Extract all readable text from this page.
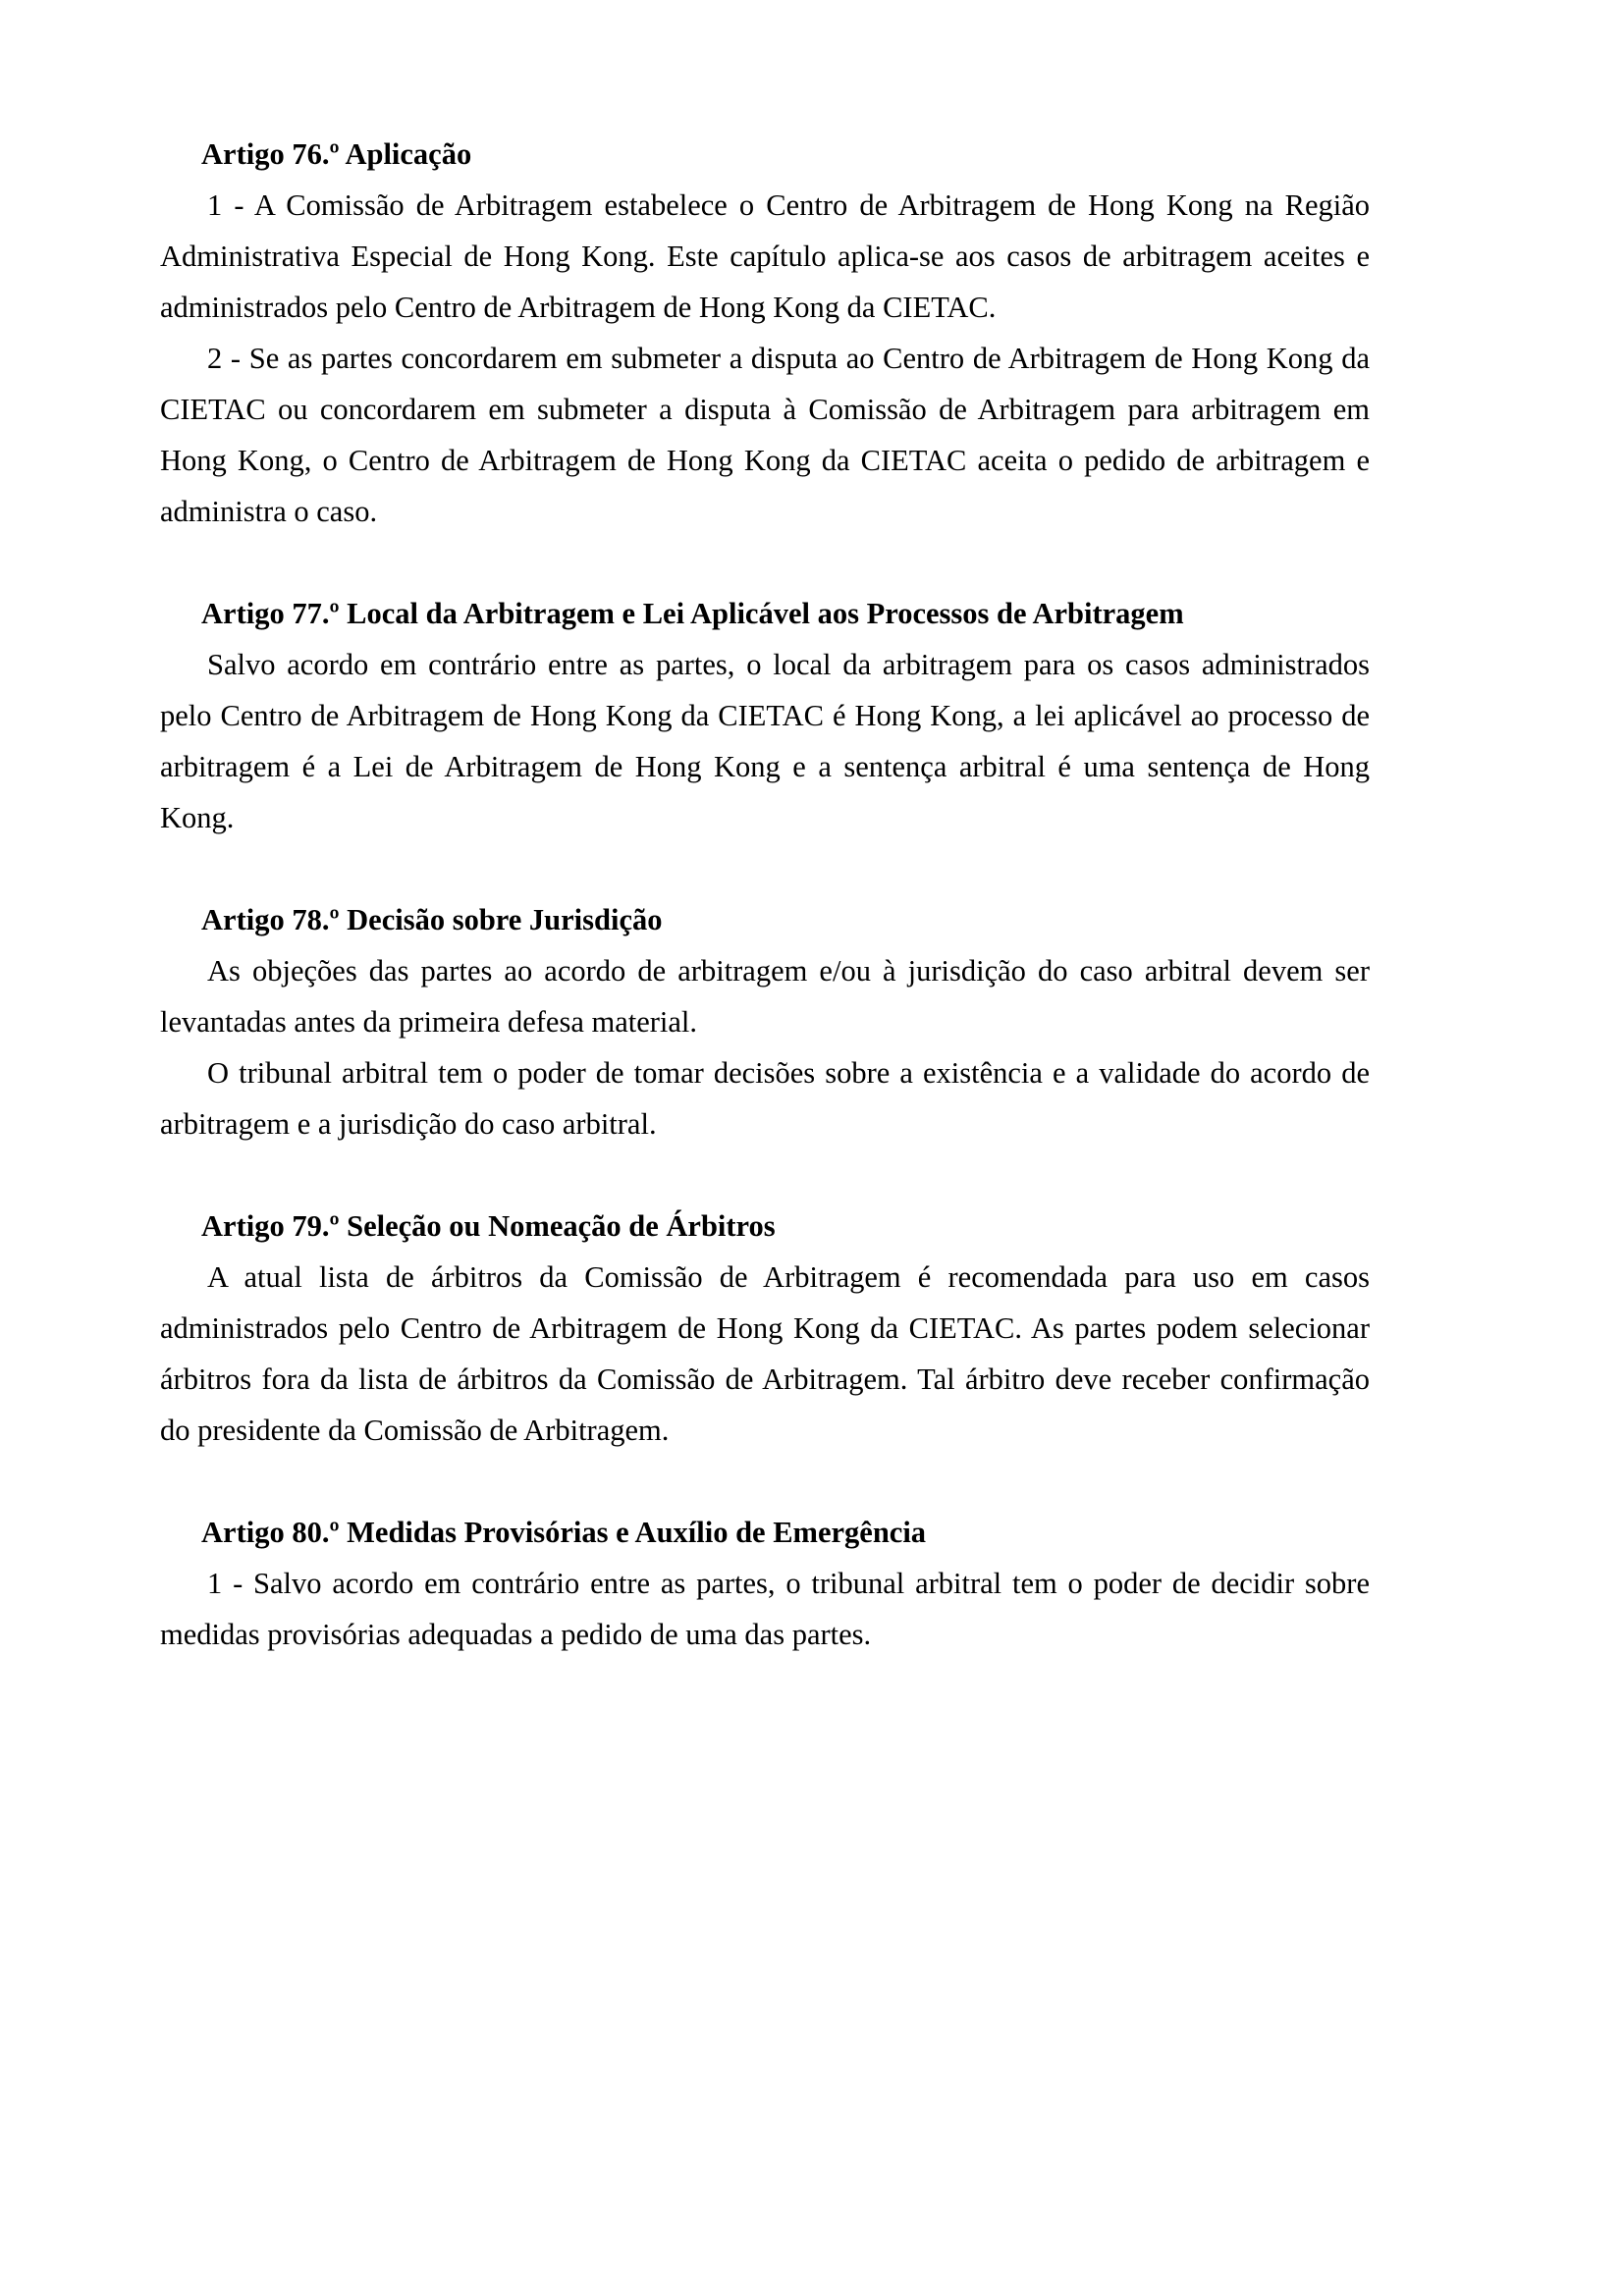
Artigo 76.º Aplicação

1 - A Comissão de Arbitragem estabelece o Centro de Arbitragem de Hong Kong na Região Administrativa Especial de Hong Kong. Este capítulo aplica-se aos casos de arbitragem aceites e administrados pelo Centro de Arbitragem de Hong Kong da CIETAC.

2 - Se as partes concordarem em submeter a disputa ao Centro de Arbitragem de Hong Kong da CIETAC ou concordarem em submeter a disputa à Comissão de Arbitragem para arbitragem em Hong Kong, o Centro de Arbitragem de Hong Kong da CIETAC aceita o pedido de arbitragem e administra o caso.

Artigo 77.º Local da Arbitragem e Lei Aplicável aos Processos de Arbitragem

Salvo acordo em contrário entre as partes, o local da arbitragem para os casos administrados pelo Centro de Arbitragem de Hong Kong da CIETAC é Hong Kong, a lei aplicável ao processo de arbitragem é a Lei de Arbitragem de Hong Kong e a sentença arbitral é uma sentença de Hong Kong.

Artigo 78.º Decisão sobre Jurisdição

As objeções das partes ao acordo de arbitragem e/ou à jurisdição do caso arbitral devem ser levantadas antes da primeira defesa material.

O tribunal arbitral tem o poder de tomar decisões sobre a existência e a validade do acordo de arbitragem e a jurisdição do caso arbitral.

Artigo 79.º Seleção ou Nomeação de Árbitros

A atual lista de árbitros da Comissão de Arbitragem é recomendada para uso em casos administrados pelo Centro de Arbitragem de Hong Kong da CIETAC. As partes podem selecionar árbitros fora da lista de árbitros da Comissão de Arbitragem. Tal árbitro deve receber confirmação do presidente da Comissão de Arbitragem.

Artigo 80.º Medidas Provisórias e Auxílio de Emergência

1 - Salvo acordo em contrário entre as partes, o tribunal arbitral tem o poder de decidir sobre medidas provisórias adequadas a pedido de uma das partes.
